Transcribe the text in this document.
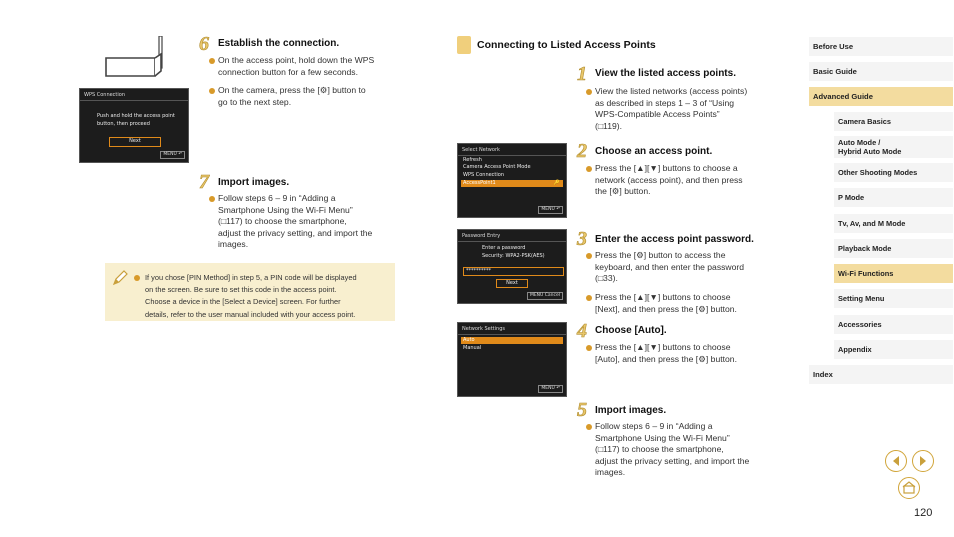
6 Establish the connection.
On the access point, hold down the WPS
connection button for a few seconds.
On the camera, press the [⚙] button to
go to the next step.
WPS Connection
Push and hold the access point
button, then proceed
Next
MENU ↶
7 Import images.
Follow steps 6 – 9 in “Adding a
Smartphone Using the Wi-Fi Menu”
(□117) to choose the smartphone,
adjust the privacy setting, and import the
images.
If you chose [PIN Method] in step 5, a PIN code will be displayed
on the screen. Be sure to set this code in the access point.
Choose a device in the [Select a Device] screen. For further
details, refer to the user manual included with your access point.
Connecting to Listed Access Points
1 View the listed access points.
View the listed networks (access points)
as described in steps 1 – 3 of “Using
WPS-Compatible Access Points”
(□119).
Select Network
Refresh
Camera Access Point Mode
WPS Connection
AccessPoint1	🔑
MENU ↶
2 Choose an access point.
Press the [▲][▼] buttons to choose a
network (access point), and then press
the [⚙] button.
Password Entry
Enter a password
Security: WPA2-PSK(AES)
**********
Next
MENU Cancel
3 Enter the access point password.
Press the [⚙] button to access the
keyboard, and then enter the password
(□33).
Press the [▲][▼] buttons to choose
[Next], and then press the [⚙] button.
Network Settings
Auto
Manual
MENU ↶
4 Choose [Auto].
Press the [▲][▼] buttons to choose
[Auto], and then press the [⚙] button.
5 Import images.
Follow steps 6 – 9 in “Adding a
Smartphone Using the Wi-Fi Menu”
(□117) to choose the smartphone,
adjust the privacy setting, and import the
images.
Before Use
Basic Guide
Advanced Guide
Camera Basics
Auto Mode /
Hybrid Auto Mode
Other Shooting Modes
P Mode
Tv, Av, and M Mode
Playback Mode
Wi-Fi Functions
Setting Menu
Accessories
Appendix
Index
120
